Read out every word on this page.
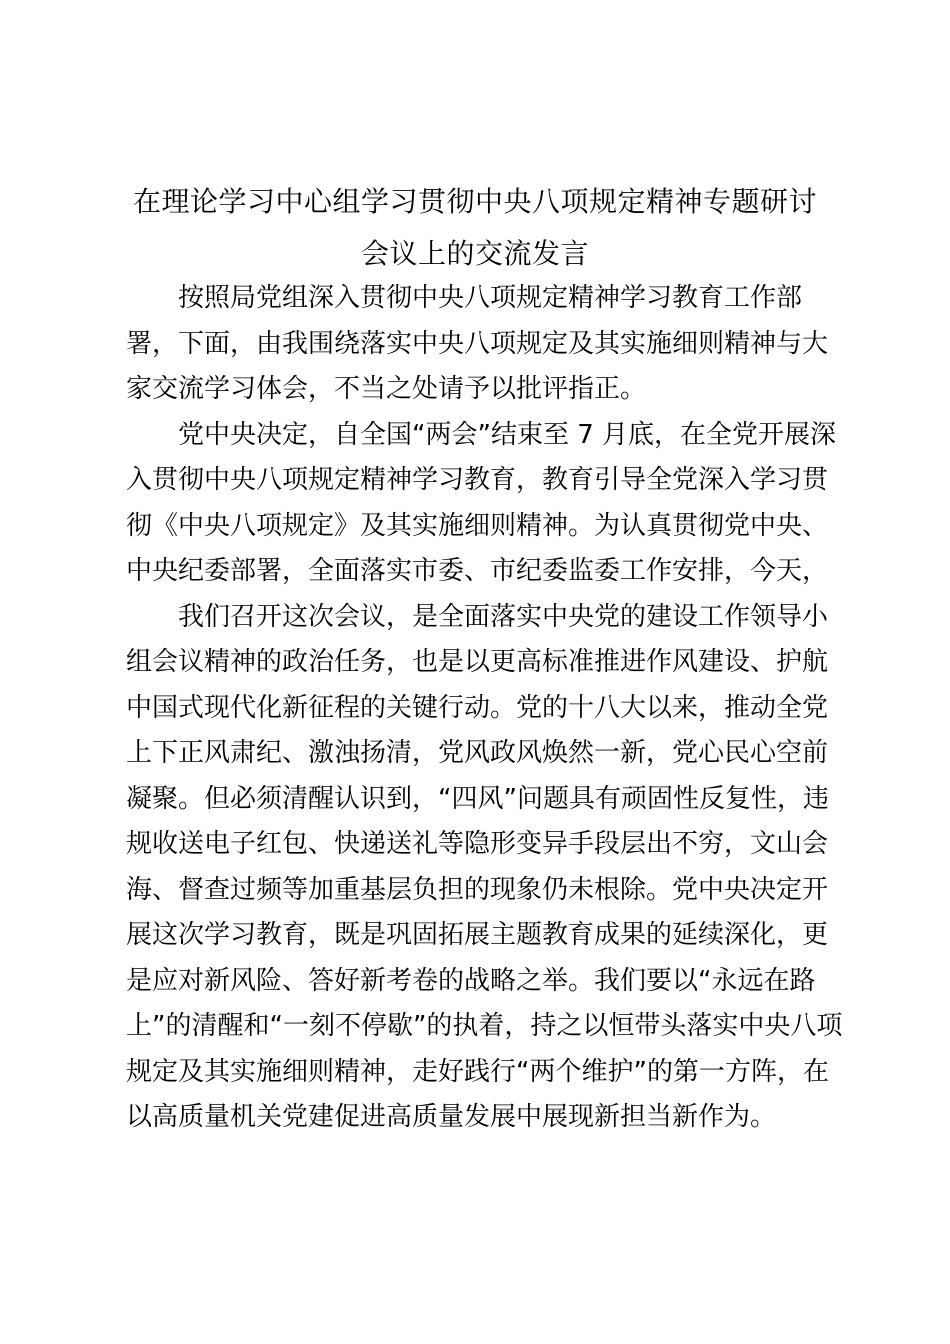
在理论学习中心组学习贯彻中央八项规定精神专题研讨
会议上的交流发言
按照局党组深入贯彻中央八项规定精神学习教育工作部
署，下面，由我围绕落实中央八项规定及其实施细则精神与大
家交流学习体会，不当之处请予以批评指正。
党中央决定，自全国“两会”结束至 7 月底，在全党开展深
入贯彻中央八项规定精神学习教育，教育引导全党深入学习贯
彻《中央八项规定》及其实施细则精神。为认真贯彻党中央、
中央纪委部署，全面落实市委、市纪委监委工作安排，今天，
我们召开这次会议，是全面落实中央党的建设工作领导小
组会议精神的政治任务，也是以更高标准推进作风建设、护航
中国式现代化新征程的关键行动。党的十八大以来，推动全党
上下正风肃纪、激浊扬清，党风政风焕然一新，党心民心空前
凝聚。但必须清醒认识到，“四风”问题具有顽固性反复性，违
规收送电子红包、快递送礼等隐形变异手段层出不穷，文山会
海、督查过频等加重基层负担的现象仍未根除。党中央决定开
展这次学习教育，既是巩固拓展主题教育成果的延续深化，更
是应对新风险、答好新考卷的战略之举。我们要以“永远在路
上”的清醒和“一刻不停歇”的执着，持之以恒带头落实中央八项
规定及其实施细则精神，走好践行“两个维护”的第一方阵，在
以高质量机关党建促进高质量发展中展现新担当新作为。
